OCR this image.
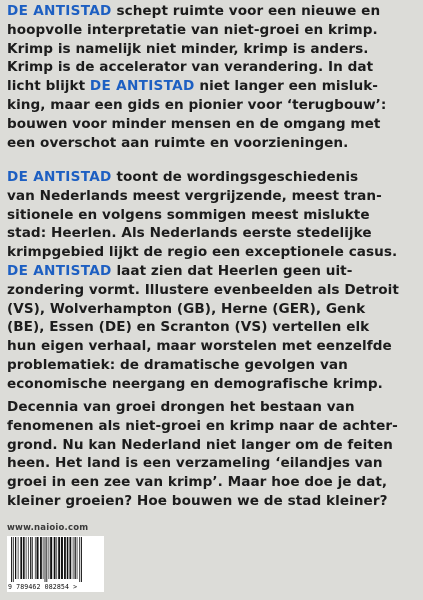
DE ANTISTAD schept ruimte voor een nieuwe en
hoopvolle interpretatie van niet-groei en krimp.
Krimp is namelijk niet minder, krimp is anders.
Krimp is de accelerator van verandering. In dat
licht blijkt DE ANTISTAD niet langer een misluk-
king, maar een gids en pionier voor ‘terugbouw’:
bouwen voor minder mensen en de omgang met
een overschot aan ruimte en voorzieningen.
DE ANTISTAD toont de wordingsgeschiedenis
van Nederlands meest vergrijzende, meest tran-
sitionele en volgens sommigen meest mislukte
stad: Heerlen. Als Nederlands eerste stedelijke
krimpgebied lijkt de regio een exceptionele casus.
DE ANTISTAD laat zien dat Heerlen geen uit-
zondering vormt. Illustere evenbeelden als Detroit
(VS), Wolverhampton (GB), Herne (GER), Genk
(BE), Essen (DE) en Scranton (VS) vertellen elk
hun eigen verhaal, maar worstelen met eenzelfde
problematiek: de dramatische gevolgen van
economische neergang en demografische krimp.
Decennia van groei drongen het bestaan van
fenomenen als niet-groei en krimp naar de achter-
grond. Nu kan Nederland niet langer om de feiten
heen. Het land is een verzameling ‘eilandjes van
groei in een zee van krimp’. Maar hoe doe je dat,
kleiner groeien? Hoe bouwen we de stad kleiner?
www.naioio.com
9 789462 082854 >
